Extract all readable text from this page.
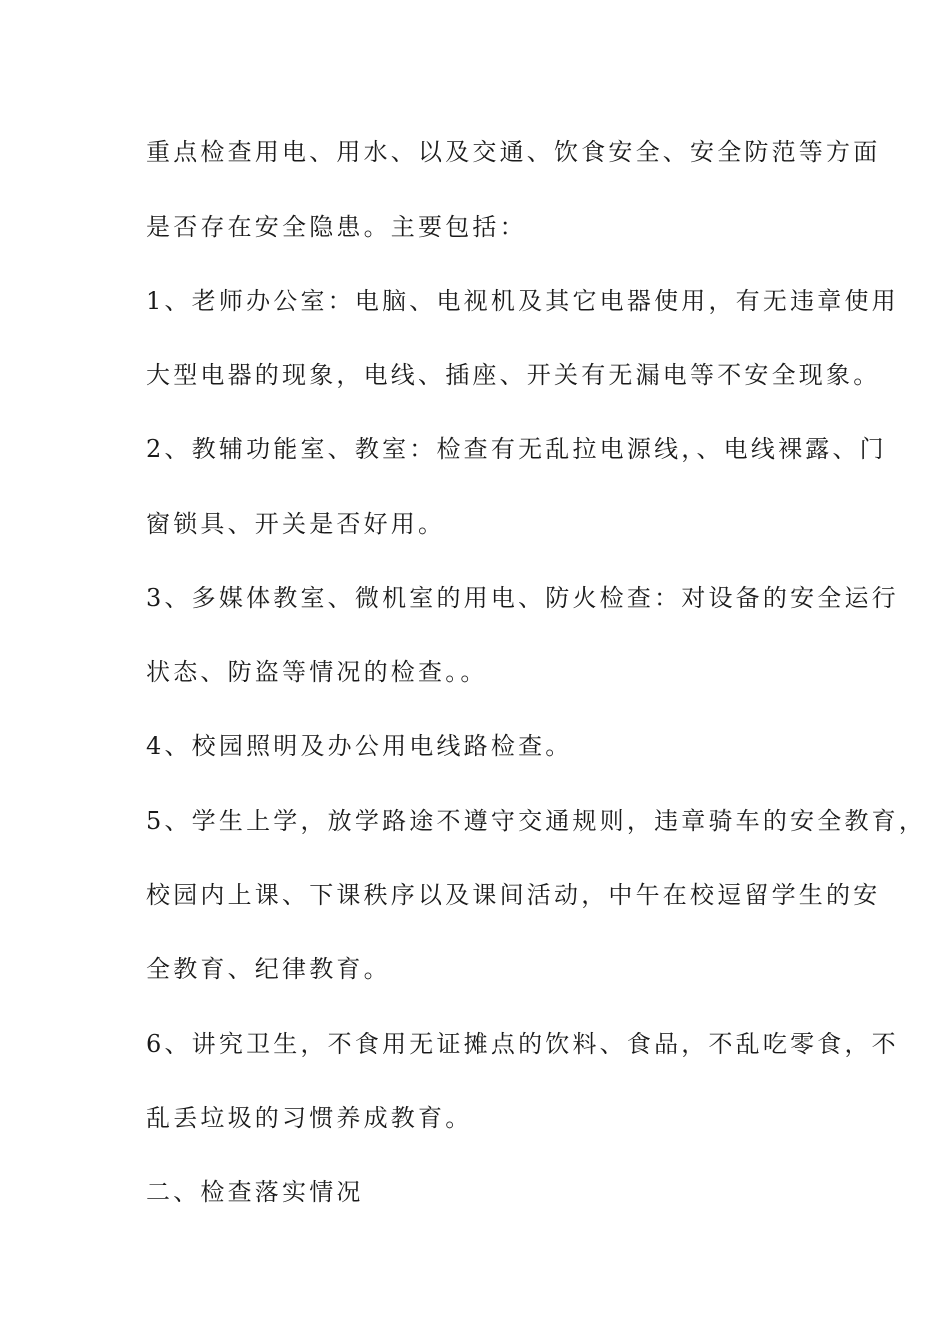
重点检查用电、用水、以及交通、饮食安全、安全防范等方面
是否存在安全隐患。主要包括：
1、老师办公室：电脑、电视机及其它电器使用，有无违章使用
大型电器的现象，电线、插座、开关有无漏电等不安全现象。
2、教辅功能室、教室：检查有无乱拉电源线，、电线裸露、门
窗锁具、开关是否好用。
3、多媒体教室、微机室的用电、防火检查：对设备的安全运行
状态、防盗等情况的检查。。
4、校园照明及办公用电线路检查。
5、学生上学，放学路途不遵守交通规则，违章骑车的安全教育，
校园内上课、下课秩序以及课间活动，中午在校逗留学生的安
全教育、纪律教育。
6、讲究卫生，不食用无证摊点的饮料、食品，不乱吃零食，不
乱丢垃圾的习惯养成教育。
二、检查落实情况
